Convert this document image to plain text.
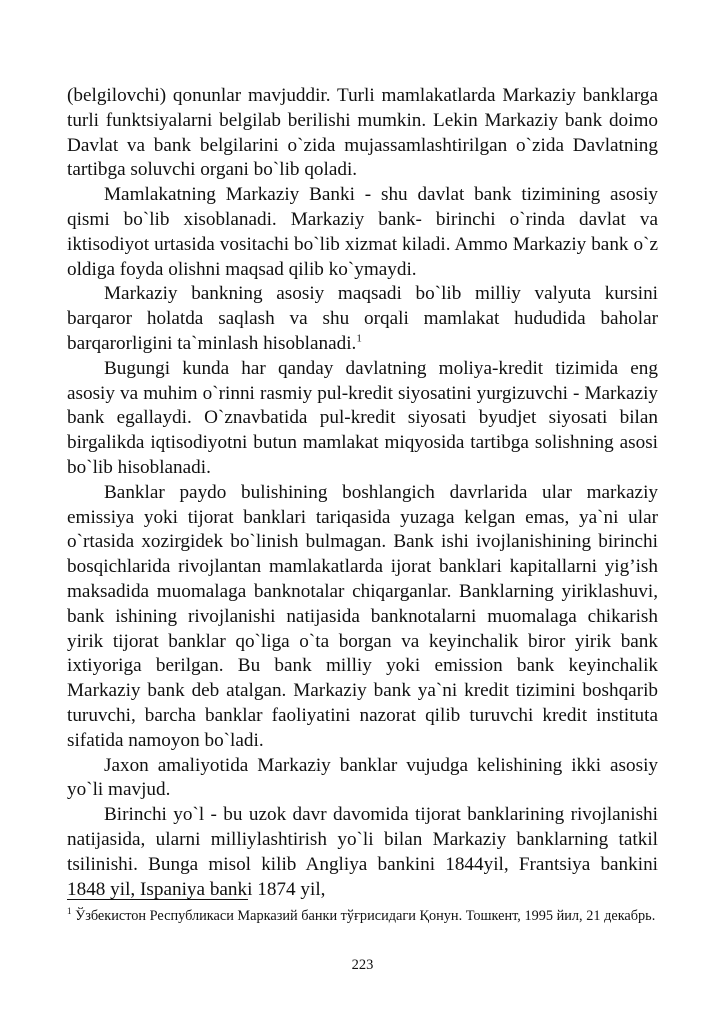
(belgilovchi) qonunlar mavjuddir. Turli mamlakatlarda Markaziy banklarga turli funktsiyalarni belgilab berilishi mumkin. Lekin Markaziy bank doimo Davlat va bank belgilarini o`zida mujassamlashtirilgan o`zida Davlatning tartibga soluvchi organi bo`lib qoladi.

Mamlakatning Markaziy Banki - shu davlat bank tizimining asosiy qismi bo`lib xisoblanadi. Markaziy bank- birinchi o`rinda davlat va iktisodiyot urtasida vositachi bo`lib xizmat kiladi. Ammo Markaziy bank o`z oldiga foyda olishni maqsad qilib ko`ymaydi.

Markaziy bankning asosiy maqsadi bo`lib milliy valyuta kursini barqaror holatda saqlash va shu orqali mamlakat hududida baholar barqarorligini ta`minlash hisoblanadi.$^1$

Bugungi kunda har qanday davlatning moliya-kredit tizimida eng asosiy va muhim o`rinni rasmiy pul-kredit siyosatini yurgizuvchi - Markaziy bank egallaydi. O`znavbatida pul-kredit siyosati byudjet siyosati bilan birgalikda iqtisodiyotni butun mamlakat miqyosida tartibga solishning asosi bo`lib hisoblanadi.

Banklar paydo bulishining boshlangich davrlarida ular markaziy emissiya yoki tijorat banklari tariqasida yuzaga kelgan emas, ya`ni ular o`rtasida xozirgidek bo`linish bulmagan. Bank ishi ivojlanishining birinchi bosqichlarida rivojlantan mamlakatlarda ijorat banklari kapitallarni yig’ish maksadida muomalaga banknotalar chiqarganlar. Banklarning yiriklashuvi, bank ishining rivojlanishi natijasida banknotalarni muomalaga chikarish yirik tijorat banklar qo`liga o`ta borgan va keyinchalik biror yirik bank ixtiyoriga berilgan. Bu bank milliy yoki emission bank keyinchalik Markaziy bank deb atalgan. Markaziy bank ya`ni kredit tizimini boshqarib turuvchi, barcha banklar faoliyatini nazorat qilib turuvchi kredit instituta sifatida namoyon bo`ladi.

Jaxon amaliyotida Markaziy banklar vujudga kelishining ikki asosiy yo`li mavjud.

Birinchi yo`l - bu uzok davr davomida tijorat banklarining rivojlanishi natijasida, ularni milliylashtirish yo`li bilan Markaziy banklarning tatkil tsilinishi. Bunga misol kilib Angliya bankini 1844yil, Frantsiya bankini 1848 yil, Ispaniya banki 1874 yil,

$^1$ Ўзбекистон Республикаси Марказий банки тўғрисидаги Қонун. Тошкент, 1995 йил, 21 декабрь.
223
